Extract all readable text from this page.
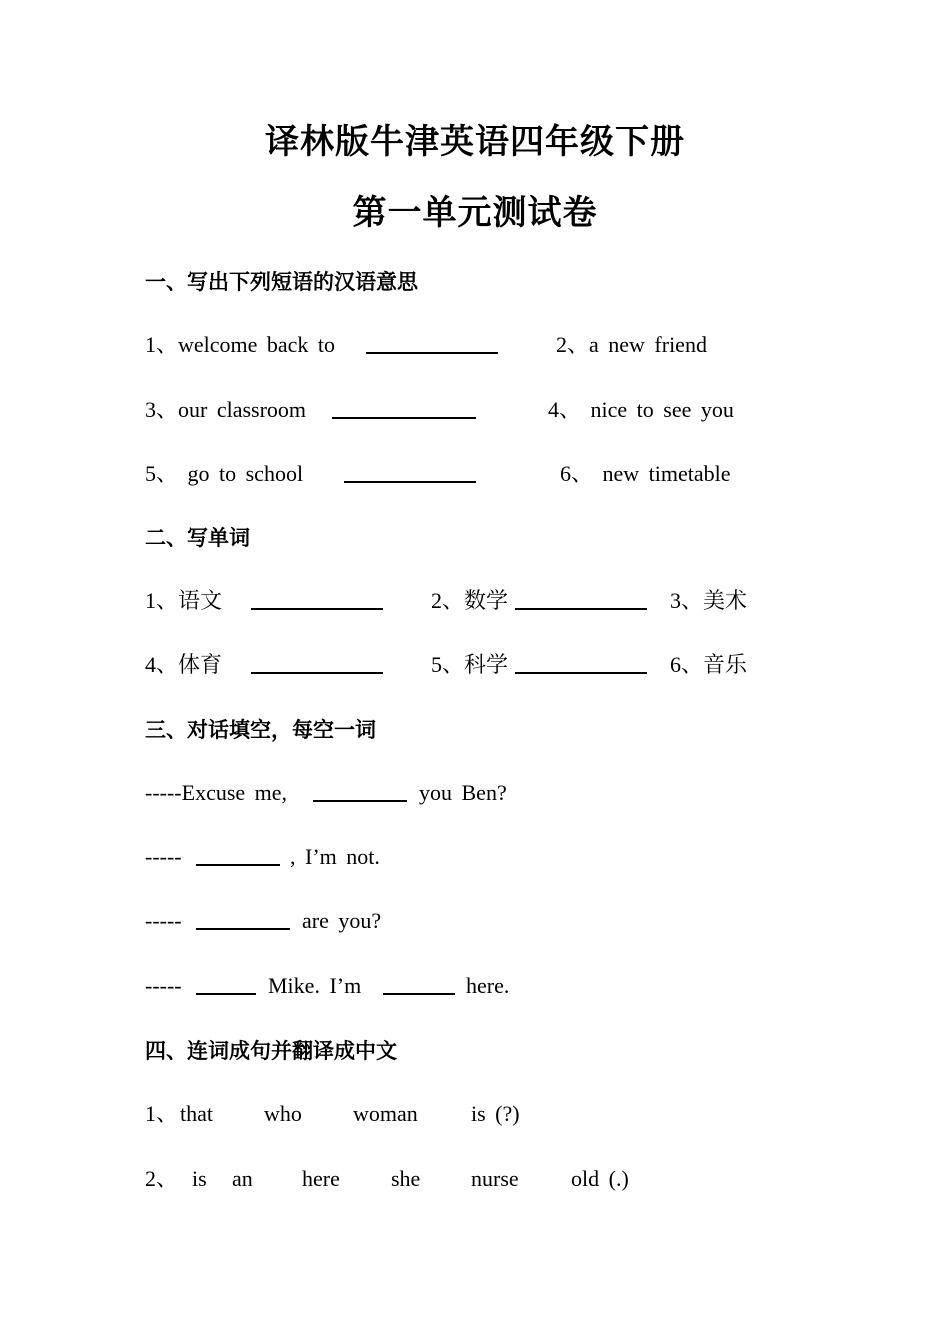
译林版牛津英语四年级下册
第一单元测试卷
一、写出下列短语的汉语意思
1、welcome back to	2、a new friend
3、our classroom	4、 nice to see you
5、 go to school	6、 new timetable
二、写单词
1、语文	2、数学	3、美术
4、体育	5、科学	6、音乐
三、对话填空，每空一词
-----Excuse me,	you Ben?
-----	, I’m not.
-----	are you?
-----	Mike. I’m	here.
四、连词成句并翻译成中文
1、 that who woman is (?)
2、 is an here she nurse old (.)
